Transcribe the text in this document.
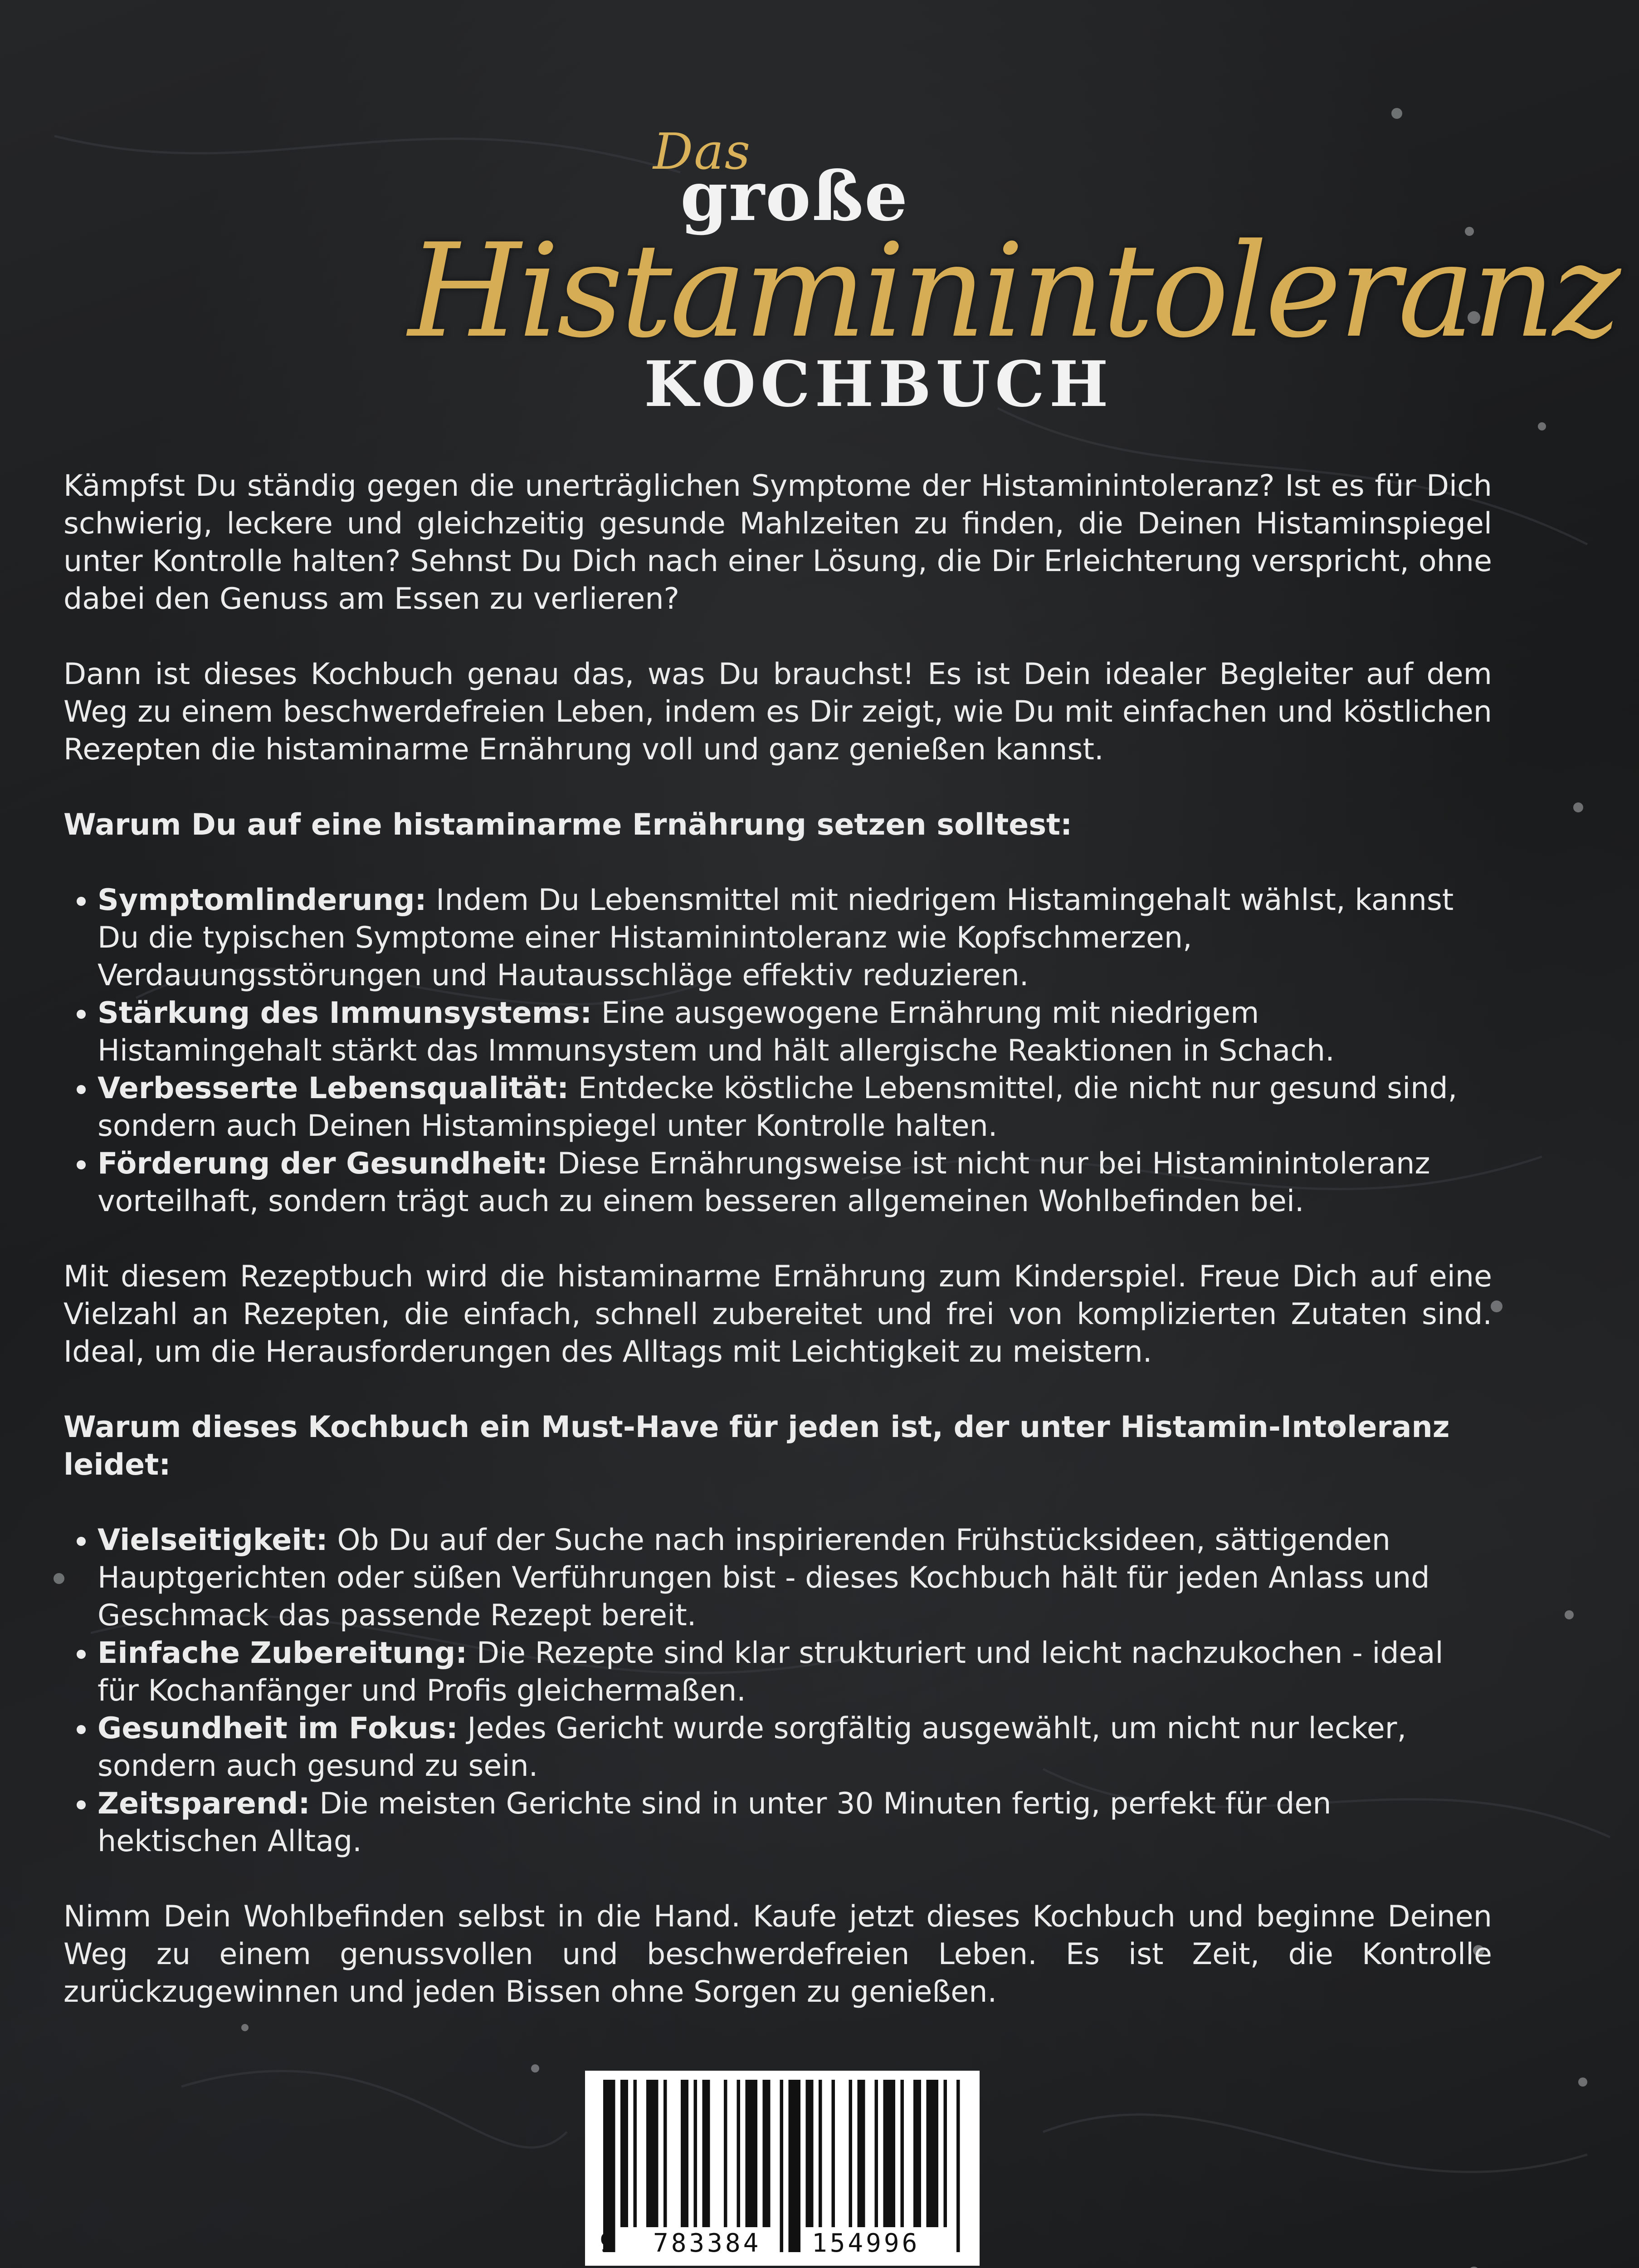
Das
große
Histaminintoleranz
KOCHBUCH

Kämpfst Du ständig gegen die unerträglichen Symptome der Histaminintoleranz? Ist es für Dich schwierig, leckere und gleichzeitig gesunde Mahlzeiten zu finden, die Deinen Histaminspiegel unter Kontrolle halten? Sehnst Du Dich nach einer Lösung, die Dir Erleichterung verspricht, ohne dabei den Genuss am Essen zu verlieren?

Dann ist dieses Kochbuch genau das, was Du brauchst! Es ist Dein idealer Begleiter auf dem Weg zu einem beschwerdefreien Leben, indem es Dir zeigt, wie Du mit einfachen und köstlichen Rezepten die histaminarme Ernährung voll und ganz genießen kannst.

Warum Du auf eine histaminarme Ernährung setzen solltest:
• Symptomlinderung: Indem Du Lebensmittel mit niedrigem Histamingehalt wählst, kannst Du die typischen Symptome einer Histaminintoleranz wie Kopfschmerzen, Verdauungsstörungen und Hautausschläge effektiv reduzieren.
• Stärkung des Immunsystems: Eine ausgewogene Ernährung mit niedrigem Histamingehalt stärkt das Immunsystem und hält allergische Reaktionen in Schach.
• Verbesserte Lebensqualität: Entdecke köstliche Lebensmittel, die nicht nur gesund sind, sondern auch Deinen Histaminspiegel unter Kontrolle halten.
• Förderung der Gesundheit: Diese Ernährungsweise ist nicht nur bei Histaminintoleranz vorteilhaft, sondern trägt auch zu einem besseren allgemeinen Wohlbefinden bei.

Mit diesem Rezeptbuch wird die histaminarme Ernährung zum Kinderspiel. Freue Dich auf eine Vielzahl an Rezepten, die einfach, schnell zubereitet und frei von komplizierten Zutaten sind. Ideal, um die Herausforderungen des Alltags mit Leichtigkeit zu meistern.

Warum dieses Kochbuch ein Must-Have für jeden ist, der unter Histamin-Intoleranz leidet:
• Vielseitigkeit: Ob Du auf der Suche nach inspirierenden Frühstücksideen, sättigenden Hauptgerichten oder süßen Verführungen bist - dieses Kochbuch hält für jeden Anlass und Geschmack das passende Rezept bereit.
• Einfache Zubereitung: Die Rezepte sind klar strukturiert und leicht nachzukochen - ideal für Kochanfänger und Profis gleichermaßen.
• Gesundheit im Fokus: Jedes Gericht wurde sorgfältig ausgewählt, um nicht nur lecker, sondern auch gesund zu sein.
• Zeitsparend: Die meisten Gerichte sind in unter 30 Minuten fertig, perfekt für den hektischen Alltag.

Nimm Dein Wohlbefinden selbst in die Hand. Kaufe jetzt dieses Kochbuch und beginne Deinen Weg zu einem genussvollen und beschwerdefreien Leben. Es ist Zeit, die Kontrolle zurückzugewinnen und jeden Bissen ohne Sorgen zu genießen.

9 783384 154996
